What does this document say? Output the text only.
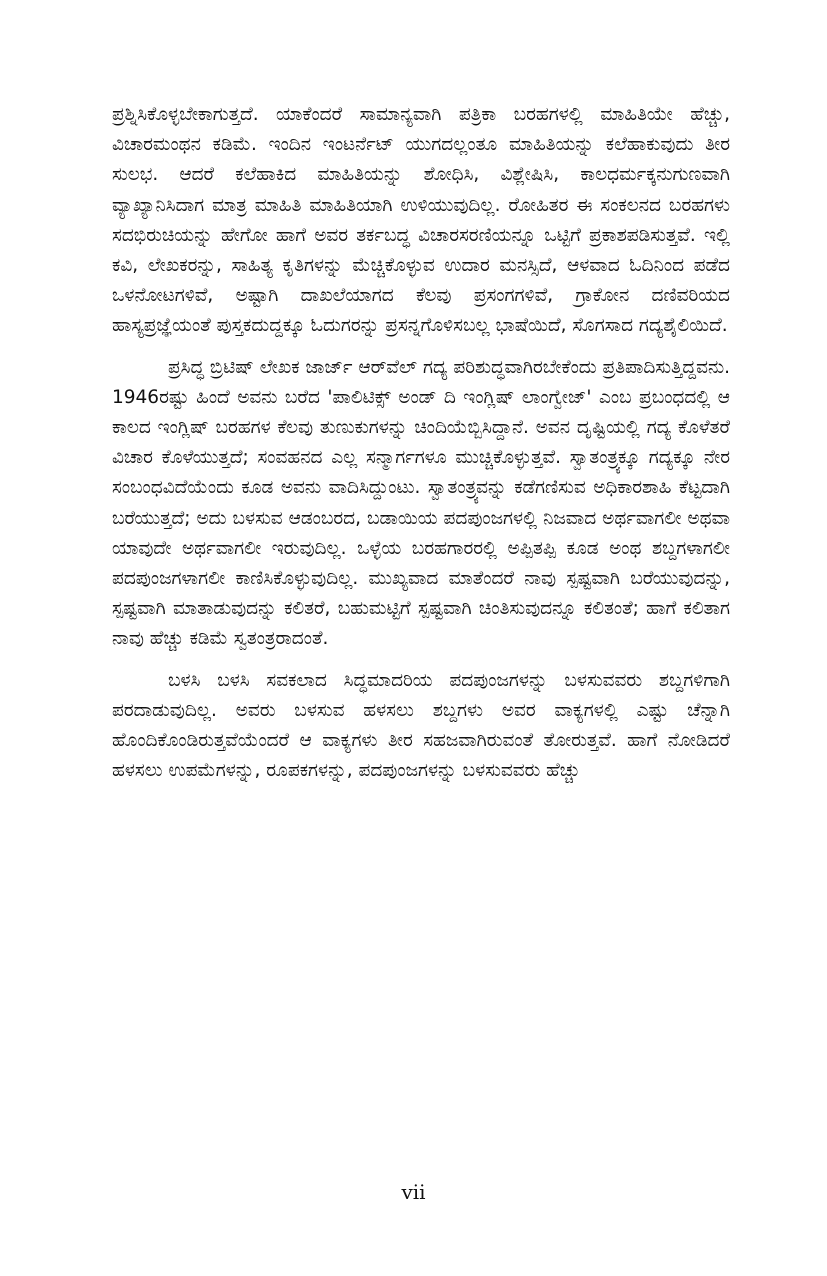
ಪ್ರಶ್ನಿಸಿಕೊಳ್ಳಬೇಕಾಗುತ್ತದೆ. ಯಾಕೆಂದರೆ ಸಾಮಾನ್ಯವಾಗಿ ಪತ್ರಿಕಾ ಬರಹಗಳಲ್ಲಿ ಮಾಹಿತಿಯೇ ಹೆಚ್ಚು, ವಿಚಾರಮಂಥನ ಕಡಿಮೆ. ಇಂದಿನ ಇಂಟರ್ನೆಟ್ ಯುಗದಲ್ಲಂತೂ ಮಾಹಿತಿಯನ್ನು ಕಲೆಹಾಕುವುದು ತೀರ ಸುಲಭ. ಆದರೆ ಕಲೆಹಾಕಿದ ಮಾಹಿತಿಯನ್ನು ಶೋಧಿಸಿ, ವಿಶ್ಲೇಷಿಸಿ, ಕಾಲಧರ್ಮಕ್ಕನುಗುಣವಾಗಿ ವ್ಯಾಖ್ಯಾನಿಸಿದಾಗ ಮಾತ್ರ ಮಾಹಿತಿ ಮಾಹಿತಿಯಾಗಿ ಉಳಿಯುವುದಿಲ್ಲ. ರೋಹಿತರ ಈ ಸಂಕಲನದ ಬರಹಗಳು ಸದಭಿರುಚಿಯನ್ನು ಹೇಗೋ ಹಾಗೆ ಅವರ ತರ್ಕಬದ್ಧ ವಿಚಾರಸರಣಿಯನ್ನೂ ಒಟ್ಟಿಗೆ ಪ್ರಕಾಶಪಡಿಸುತ್ತವೆ. ಇಲ್ಲಿ ಕವಿ, ಲೇಖಕರನ್ನು, ಸಾಹಿತ್ಯ ಕೃತಿಗಳನ್ನು ಮೆಚ್ಚಿಕೊಳ್ಳುವ ಉದಾರ ಮನಸ್ಸಿದೆ, ಆಳವಾದ ಓದಿನಿಂದ ಪಡೆದ ಒಳನೋಟಗಳಿವೆ, ಅಷ್ಟಾಗಿ ದಾಖಲೆಯಾಗದ ಕೆಲವು ಪ್ರಸಂಗಗಳಿವೆ, ಗ್ರಾಕೋನ ದಣಿವರಿಯದ ಹಾಸ್ಯಪ್ರಜ್ಞೆಯಂತೆ ಪುಸ್ತಕದುದ್ದಕ್ಕೂ ಓದುಗರನ್ನು ಪ್ರಸನ್ನಗೊಳಿಸಬಲ್ಲ ಭಾಷೆಯಿದೆ, ಸೊಗಸಾದ ಗದ್ಯಶೈಲಿಯಿದೆ.

ಪ್ರಸಿದ್ಧ ಬ್ರಿಟಿಷ್ ಲೇಖಕ ಜಾರ್ಜ್ ಆರ್‌ವೆಲ್ ಗದ್ಯ ಪರಿಶುದ್ಧವಾಗಿರಬೇಕೆಂದು ಪ್ರತಿಪಾದಿಸುತ್ತಿದ್ದವನು. 1946ರಷ್ಟು ಹಿಂದೆ ಅವನು ಬರೆದ 'ಪಾಲಿಟಿಕ್ಸ್ ಅಂಡ್ ದಿ ಇಂಗ್ಲಿಷ್ ಲಾಂಗ್ವೇಜ್' ಎಂಬ ಪ್ರಬಂಧದಲ್ಲಿ ಆ ಕಾಲದ ಇಂಗ್ಲಿಷ್ ಬರಹಗಳ ಕೆಲವು ತುಣುಕುಗಳನ್ನು ಚಿಂದಿಯೆಬ್ಬಿಸಿದ್ದಾನೆ. ಅವನ ದೃಷ್ಟಿಯಲ್ಲಿ ಗದ್ಯ ಕೊಳೆತರೆ ವಿಚಾರ ಕೊಳೆಯುತ್ತದೆ; ಸಂವಹನದ ಎಲ್ಲ ಸನ್ಮಾರ್ಗಗಳೂ ಮುಚ್ಚಿಕೊಳ್ಳುತ್ತವೆ. ಸ್ವಾತಂತ್ರ್ಯಕ್ಕೂ ಗದ್ಯಕ್ಕೂ ನೇರ ಸಂಬಂಧವಿದೆಯೆಂದು ಕೂಡ ಅವನು ವಾದಿಸಿದ್ದುಂಟು. ಸ್ವಾತಂತ್ರ್ಯವನ್ನು ಕಡೆಗಣಿಸುವ ಅಧಿಕಾರಶಾಹಿ ಕೆಟ್ಟದಾಗಿ ಬರೆಯುತ್ತದೆ; ಅದು ಬಳಸುವ ಆಡಂಬರದ, ಬಡಾಯಿಯ ಪದಪುಂಜಗಳಲ್ಲಿ ನಿಜವಾದ ಅರ್ಥವಾಗಲೀ ಅಥವಾ ಯಾವುದೇ ಅರ್ಥವಾಗಲೀ ಇರುವುದಿಲ್ಲ. ಒಳ್ಳೆಯ ಬರಹಗಾರರಲ್ಲಿ ಅಪ್ಪಿತಪ್ಪಿ ಕೂಡ ಅಂಥ ಶಬ್ದಗಳಾಗಲೀ ಪದಪುಂಜಗಳಾಗಲೀ ಕಾಣಿಸಿಕೊಳ್ಳುವುದಿಲ್ಲ. ಮುಖ್ಯವಾದ ಮಾತೆಂದರೆ ನಾವು ಸ್ಪಷ್ಟವಾಗಿ ಬರೆಯುವುದನ್ನು, ಸ್ಪಷ್ಟವಾಗಿ ಮಾತಾಡುವುದನ್ನು ಕಲಿತರೆ, ಬಹುಮಟ್ಟಿಗೆ ಸ್ಪಷ್ಟವಾಗಿ ಚಿಂತಿಸುವುದನ್ನೂ ಕಲಿತಂತೆ; ಹಾಗೆ ಕಲಿತಾಗ ನಾವು ಹೆಚ್ಚು ಕಡಿಮೆ ಸ್ವತಂತ್ರರಾದಂತೆ.

ಬಳಸಿ ಬಳಸಿ ಸವಕಲಾದ ಸಿದ್ಧಮಾದರಿಯ ಪದಪುಂಜಗಳನ್ನು ಬಳಸುವವರು ಶಬ್ದಗಳಿಗಾಗಿ ಪರದಾಡುವುದಿಲ್ಲ. ಅವರು ಬಳಸುವ ಹಳಸಲು ಶಬ್ದಗಳು ಅವರ ವಾಕ್ಯಗಳಲ್ಲಿ ಎಷ್ಟು ಚೆನ್ನಾಗಿ ಹೊಂದಿಕೊಂಡಿರುತ್ತವೆಯೆಂದರೆ ಆ ವಾಕ್ಯಗಳು ತೀರ ಸಹಜವಾಗಿರುವಂತೆ ತೋರುತ್ತವೆ. ಹಾಗೆ ನೋಡಿದರೆ ಹಳಸಲು ಉಪಮೆಗಳನ್ನು, ರೂಪಕಗಳನ್ನು, ಪದಪುಂಜಗಳನ್ನು ಬಳಸುವವರು ಹೆಚ್ಚು

vii
